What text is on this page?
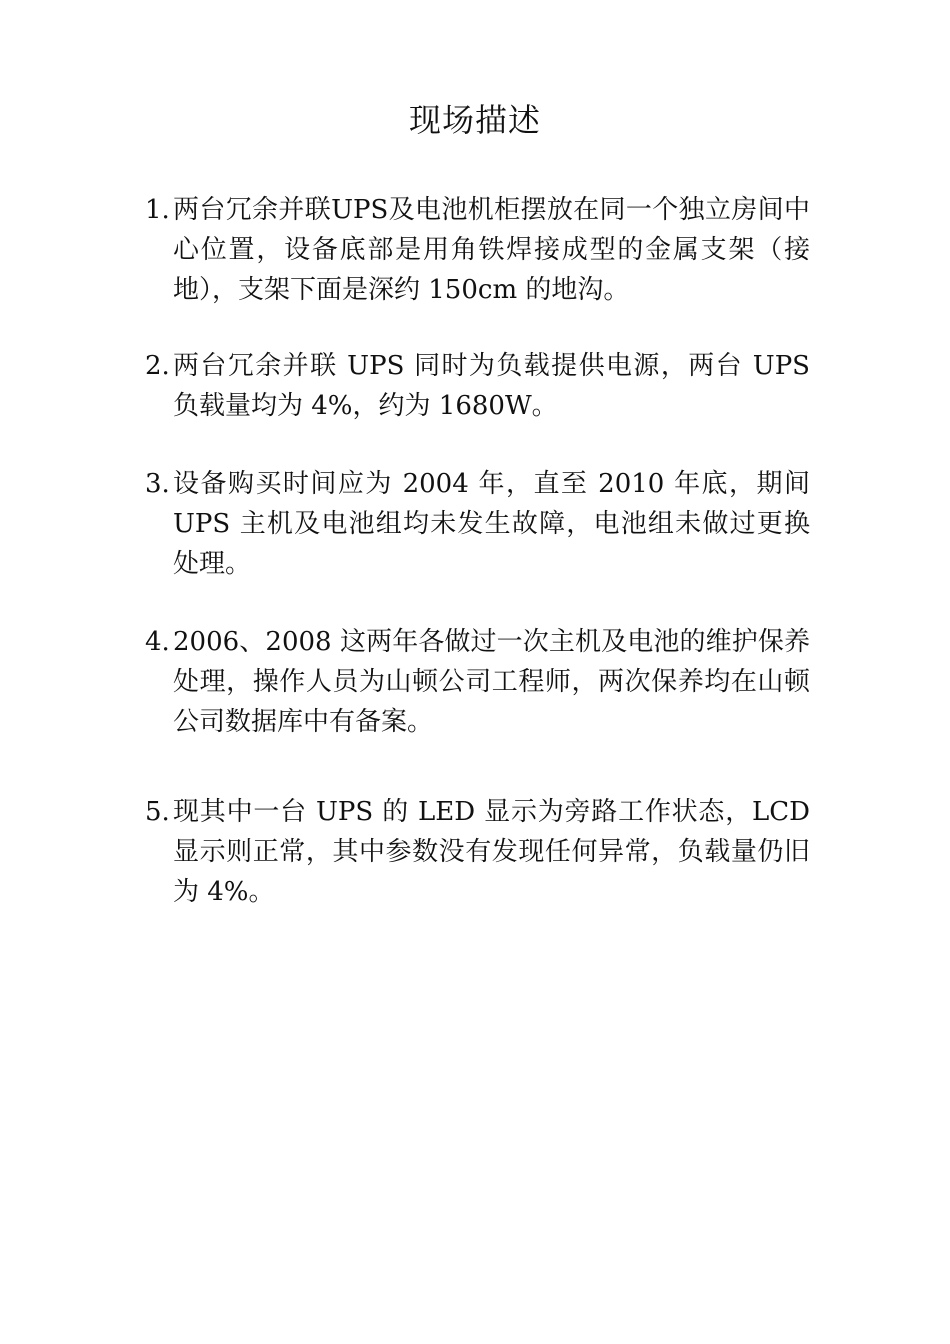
现场描述
1. 两台冗余并联UPS及电池机柜摆放在同一个独立房间中心位置，设备底部是用角铁焊接成型的金属支架（接地），支架下面是深约 150cm 的地沟。
2. 两台冗余并联 UPS 同时为负载提供电源，两台 UPS 负载量均为 4%，约为 1680W。
3. 设备购买时间应为 2004 年，直至 2010 年底，期间 UPS 主机及电池组均未发生故障，电池组未做过更换处理。
4. 2006、2008 这两年各做过一次主机及电池的维护保养处理，操作人员为山顿公司工程师，两次保养均在山顿公司数据库中有备案。
5. 现其中一台 UPS 的 LED 显示为旁路工作状态，LCD 显示则正常，其中参数没有发现任何异常，负载量仍旧为 4%。
